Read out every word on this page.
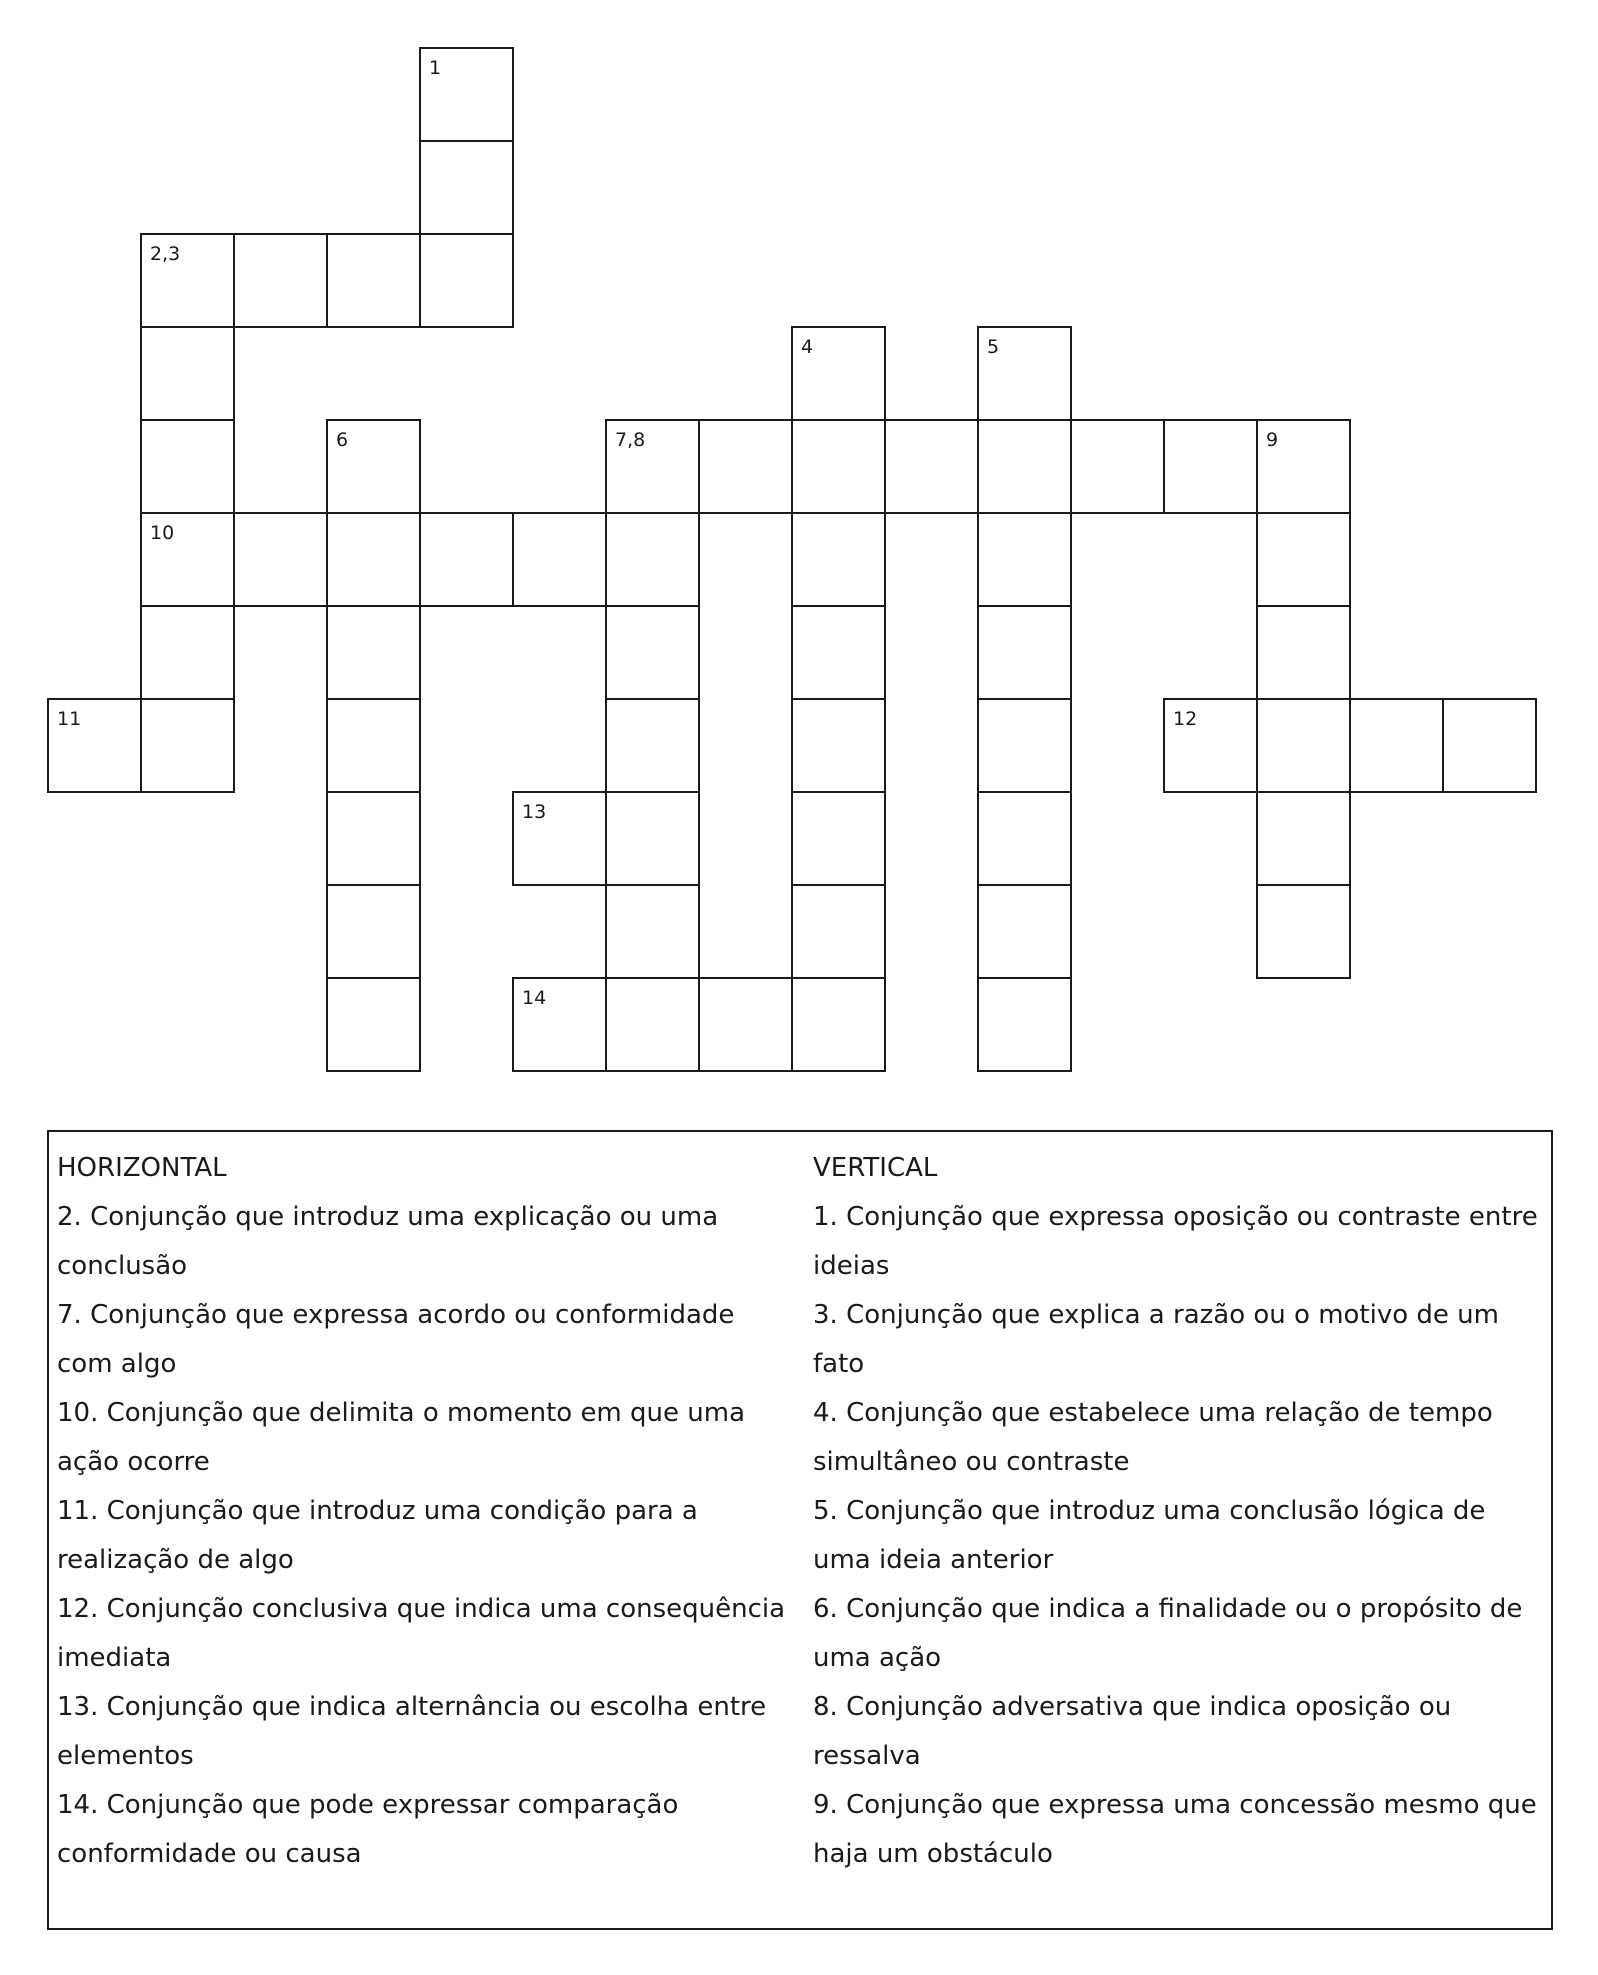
1
2,3
4	5
6	7,8	9
10
11	12
13
14
HORIZONTAL
2. Conjunção que introduz uma explicação ou uma conclusão
7. Conjunção que expressa acordo ou conformidade com algo
10. Conjunção que delimita o momento em que uma ação ocorre
11. Conjunção que introduz uma condição para a realização de algo
12. Conjunção conclusiva que indica uma consequência imediata
13. Conjunção que indica alternância ou escolha entre elementos
14. Conjunção que pode expressar comparação conformidade ou causa
VERTICAL
1. Conjunção que expressa oposição ou contraste entre ideias
3. Conjunção que explica a razão ou o motivo de um fato
4. Conjunção que estabelece uma relação de tempo simultâneo ou contraste
5. Conjunção que introduz uma conclusão lógica de uma ideia anterior
6. Conjunção que indica a finalidade ou o propósito de uma ação
8. Conjunção adversativa que indica oposição ou ressalva
9. Conjunção que expressa uma concessão mesmo que haja um obstáculo
